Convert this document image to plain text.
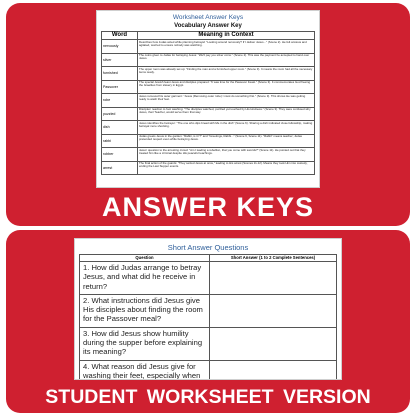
Worksheet Answer Keys
Vocabulary Answer Key
Word	Meaning in Context
nervously	Describes how Judas acted while planning betrayal: "Looking around nervously? If I deliver Jesus..." (Scene 2). He felt anxious and agitated, worried to ensure nobody was watching.
silver	The coins given to Judas for betraying Jesus: "We'll pay you silver coins." (Scene 2). This was the payment he accepted to hand over Jesus.
furnished	The upper room was already set up: "Finding the man and a furnished upper room." (Scene 3). It means the room had all the necessary items ready.
Passover	The special Jewish feast Jesus and disciples prepared: "It was time for the Passover Feast." (Scene 3). It commemorates God freeing the Israelites from slavery in Egypt.
robe	Jesus removed his outer garment: "Jesus (Removing outer robe) I must do something first." (Scene 3). This shows He was getting ready to wash their feet.
puzzled	Disciples' reaction to foot washing: "The disciples watched, puzzled yet touched by His kindness." (Scene 3). They were confused why Jesus, their Teacher, would serve them that way.
dish	Jesus identifies the betrayer: "The one who dips bread with Me in the dish" (Scene 6). Sharing a dish indicated close fellowship, making betrayal more shocking.
rabbi	Judas greets Jesus in the garden: "Rabbi, is it I?" and "Greetings, Rabbi..." (Scene 6, Scene 11). "Rabbi" means teacher; Judas pretended respect even while betraying Jesus.
robber	Jesus' question to the arresting crowd: "Am I leading a rebellion, that you come with swords?" (Scene 11). He pointed out that they treated him like a criminal despite His peaceful teachings.
arrest	The final action of the guards: "They seized Jesus at once," leading to His arrest (Scenes 11-12). Means they took Him into custody, ending the Last Supper events.
ANSWER KEYS
Short Answer Questions
Question	Short Answer (1 to 2 Complete Sentences)
1. How did Judas arrange to betray Jesus, and what did he receive in return?	
2. What instructions did Jesus give His disciples about finding the room for the Passover meal?	
3. How did Jesus show humility during the supper before explaining its meaning?	
4. What reason did Jesus give for washing their feet, especially when	

STUDENT WORKSHEET VERSION
